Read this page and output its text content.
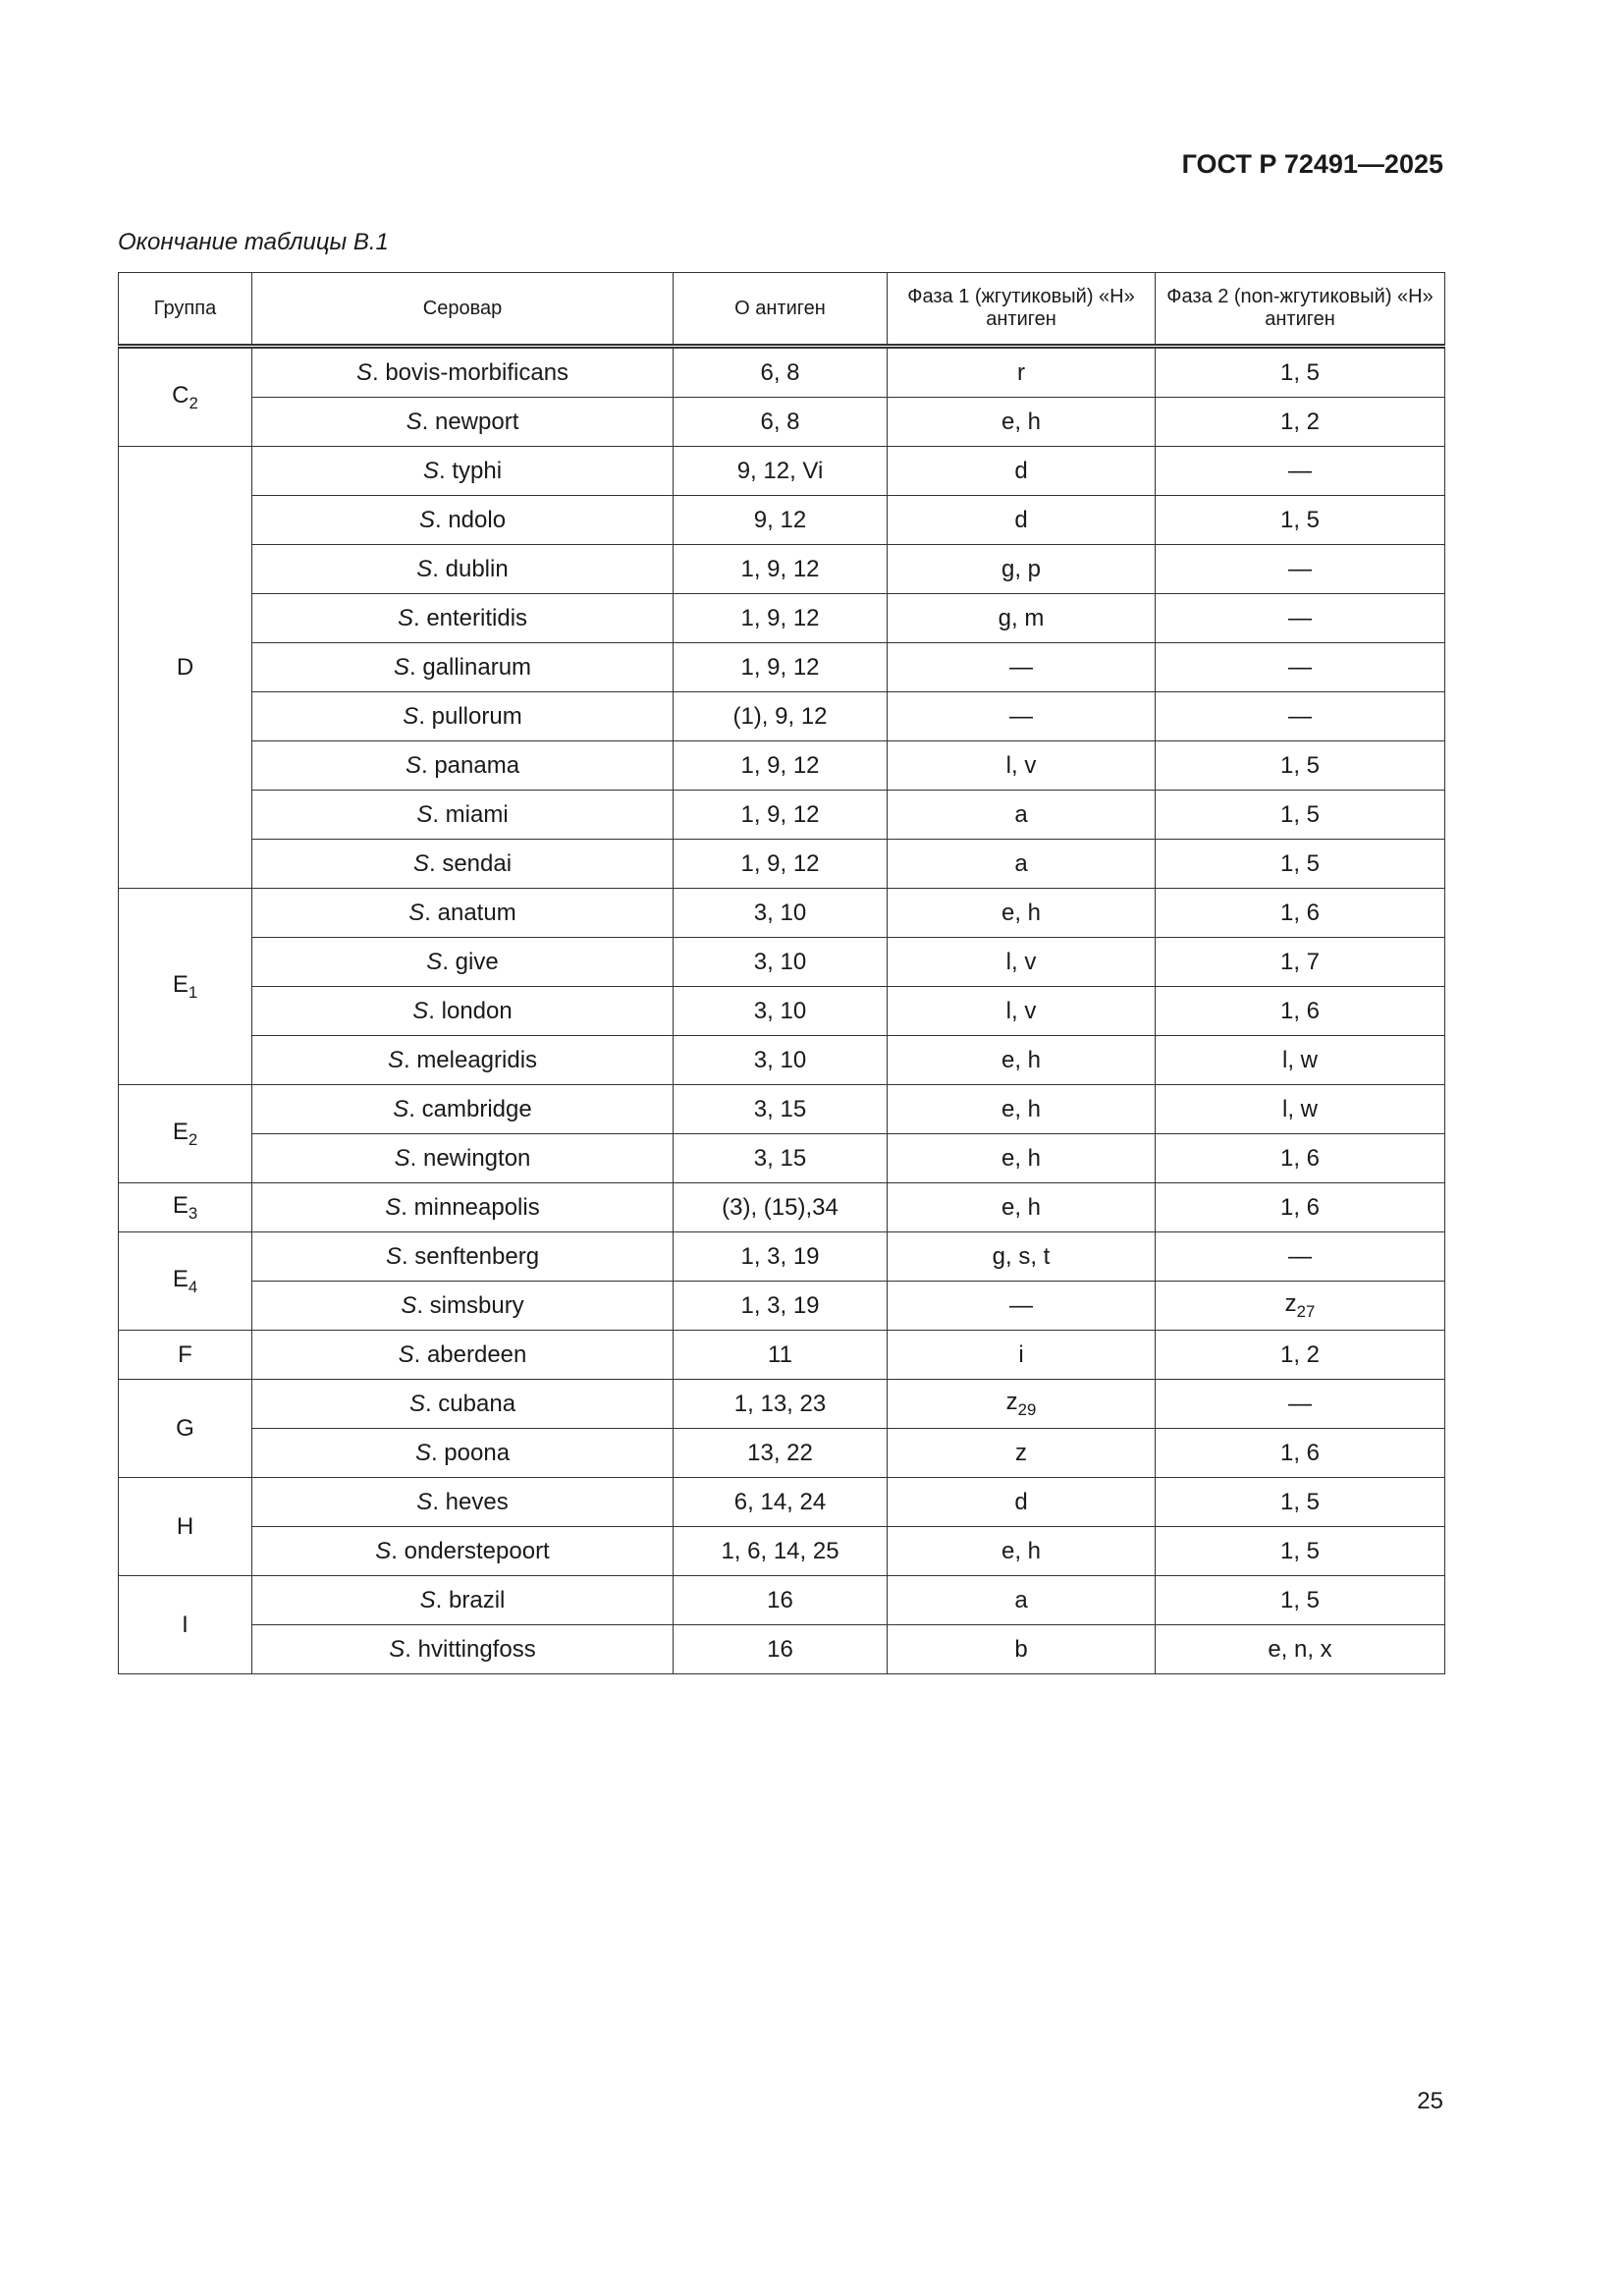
ГОСТ Р 72491—2025
Окончание таблицы В.1
Группа	Серовар	О антиген	Фаза 1 (жгутиковый) «Н» антиген	Фаза 2 (non-жгутиковый) «Н» антиген
$C_2$	S. bovis-morbificans	6, 8	r	1, 5
	S. newport	6, 8	e, h	1, 2
D	S. typhi	9, 12, Vi	d	—
	S. ndolo	9, 12	d	1, 5
	S. dublin	1, 9, 12	g, p	—
	S. enteritidis	1, 9, 12	g, m	—
	S. gallinarum	1, 9, 12	—	—
	S. pullorum	(1), 9, 12	—	—
	S. panama	1, 9, 12	l, v	1, 5
	S. miami	1, 9, 12	a	1, 5
	S. sendai	1, 9, 12	a	1, 5
$E_1$	S. anatum	3, 10	e, h	1, 6
	S. give	3, 10	l, v	1, 7
	S. london	3, 10	l, v	1, 6
	S. meleagridis	3, 10	e, h	l, w
$E_2$	S. cambridge	3, 15	e, h	l, w
	S. newington	3, 15	e, h	1, 6
$E_3$	S. minneapolis	(3), (15),34	e, h	1, 6
$E_4$	S. senftenberg	1, 3, 19	g, s, t	—
	S. simsbury	1, 3, 19	—	$z_{27}$
F	S. aberdeen	11	i	1, 2
G	S. cubana	1, 13, 23	$z_{29}$	—
	S. poona	13, 22	z	1, 6
H	S. heves	6, 14, 24	d	1, 5
	S. onderstepoort	1, 6, 14, 25	e, h	1, 5
I	S. brazil	16	a	1, 5
	S. hvittingfoss	16	b	e, n, x
25
